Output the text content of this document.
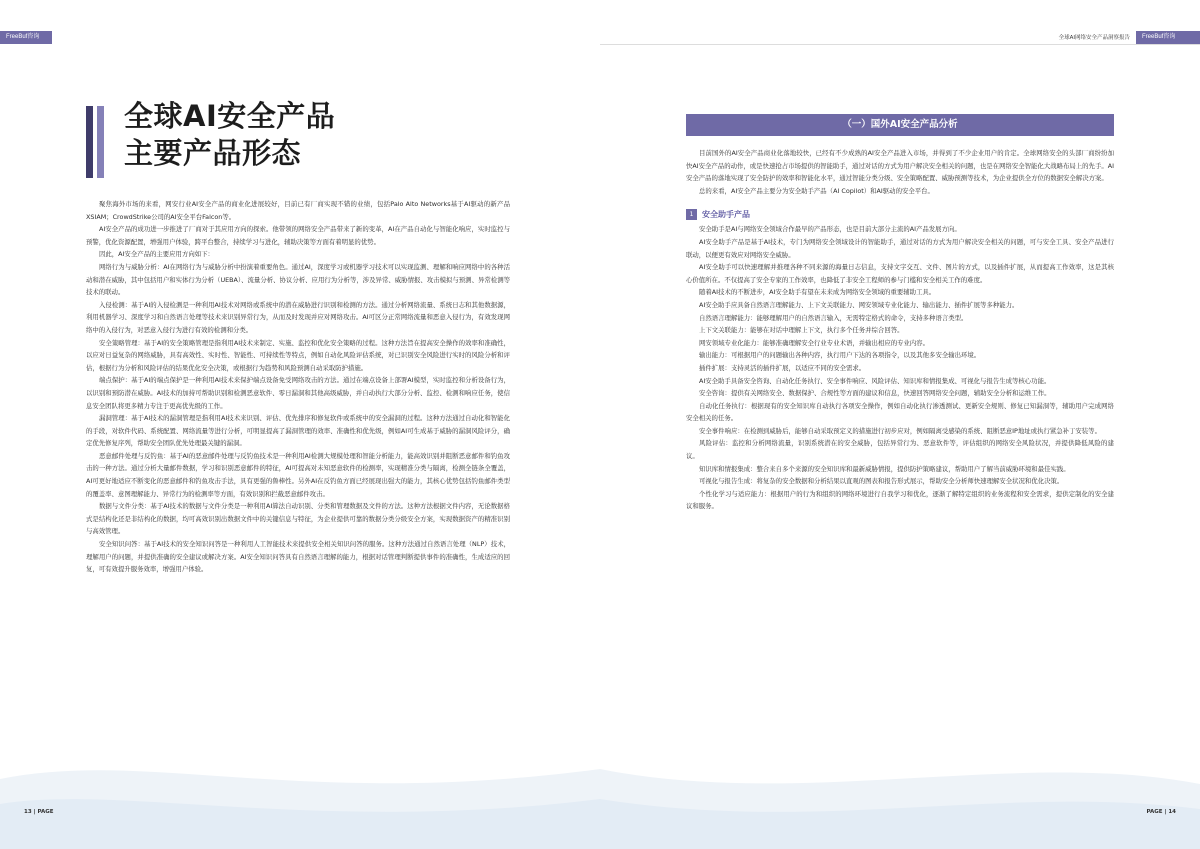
FreeBuf咨询
全球AI安全产品
主要产品形态

聚焦海外市场的来看，网安行业AI安全产品的商业化进展较好，目前已有厂商实现不错的业绩，包括Palo Alto Networks基于AI驱动的新产品XSIAM；CrowdStrike公司的AI安全平台Falcon等。

AI安全产品的成功进一步推进了厂商对于其应用方向的探索。他带领的网络安全产品带来了新的变革，AI在产品自动化与智能化响应，实时监控与预警，优化资源配置，增强用户体验，跨平台整合，持续学习与进化，辅助决策等方面有着明显的优势。

因此，AI安全产品的主要应用方向如下：

网络行为与威胁分析：AI在网络行为与威胁分析中扮演着重要角色。通过AI，深度学习或机器学习技术可以实现监测、理解和响应网络中的各种活动和潜在威胁，其中包括用户和实体行为分析（UEBA）、流量分析、协议分析、应用行为分析等，涉及异常、威胁情报、攻击模拟与预测、异常检测等技术的联动。

入侵检测：基于AI的入侵检测是一种利用AI技术对网络或系统中的潜在威胁进行识别和检测的方法。通过分析网络流量、系统日志和其他数据源，利用机器学习、深度学习和自然语言处理等技术来识别异常行为，从而及时发现并应对网络攻击。AI可区分正常网络流量和恶意入侵行为，有效发现网络中的入侵行为，对恶意入侵行为进行有效的检测和分类。

安全策略管理：基于AI的安全策略管理是指利用AI技术来制定、实施、监控和优化安全策略的过程。这种方法旨在提高安全操作的效率和准确性，以应对日益复杂的网络威胁，具有高效性、实时性、智能性、可持续性等特点，例如自动化风险评估系统，对已识别安全风险进行实时的风险分析和评估，根据行为分析和风险评估的结果优化安全决策，或根据行为趋势和风险预测自动采取防护措施。

端点保护：基于AI的端点保护是一种利用AI技术来保护端点设备免受网络攻击的方法。通过在端点设备上部署AI模型，实时监控和分析设备行为，以识别和预防潜在威胁。AI技术的加持可帮助识别和检测恶意软件、零日漏洞和其他高级威胁，并自动执行大部分分析、监控、检测和响应任务，使信息安全团队将更多精力专注于更高优先级的工作。

漏洞管理：基于AI技术的漏洞管理是指利用AI技术来识别、评估、优先排序和修复软件或系统中的安全漏洞的过程。这种方法通过自动化和智能化的手段，对软件代码、系统配置、网络流量等进行分析，可明显提高了漏洞管理的效率、准确性和优先级，例如AI可生成基于威胁的漏洞风险评分，确定优先修复序列，帮助安全团队优先处理最关键的漏洞。

恶意邮件处理与反钓鱼：基于AI的恶意邮件处理与反钓鱼技术是一种利用AI检测大规模处理和智能分析能力，能高效识别并阻断恶意邮件和钓鱼攻击的一种方法。通过分析大量邮件数据，学习和识别恶意邮件的特征，AI可提高对未知恶意软件的检测率，实现精准分类与隔离，检测全链条全覆盖，AI可更好地适应不断变化的恶意邮件和钓鱼攻击手法，具有更强的鲁棒性。另外AI在反钓鱼方面已经展现出强大的能力，其核心优势包括钓鱼邮件类型的覆盖率、意图理解能力、异常行为的检测率等方面，有效识别和拦截恶意邮件攻击。

数据与文件分类：基于AI技术的数据与文件分类是一种利用AI算法自动识别、分类和管理数据及文件的方法。这种方法根据文件内容，无论数据格式是结构化还是非结构化的数据，均可高效识别出数据文件中的关键信息与特征，为企业提供可靠的数据分类分级安全方案，实现数据资产的精准识别与高效管理。

安全知识问答：基于AI技术的安全知识问答是一种利用人工智能技术来提供安全相关知识问答的服务。这种方法通过自然语言处理（NLP）技术，理解用户的问题，并提供准确的安全建议或解决方案。AI安全知识问答具有自然语言理解的能力，根据对话管理判断提供事件的准确性，生成适应的回复，可有效提升服务效率，增强用户体验。

13 | PAGE
全球AI网络安全产品洞察报告	FreeBuf咨询
（一）国外AI安全产品分析

目前国外的AI安全产品商业化落地较快，已经有不少成熟的AI安全产品进入市场，并得到了不少企业用户的肯定。全球网络安全的头部厂商纷纷加快AI安全产品的动作，或是快速抢占市场提供的智能助手，通过对话的方式为用户解决安全相关的问题，也是在网络安全智能化大战略布局上的先手。AI安全产品的落地实现了安全防护的效率和智能化水平，通过智能分类分级、安全策略配置、威胁预测等技术，为企业提供全方位的数据安全解决方案。

总的来看，AI安全产品主要分为安全助手产品（AI Copilot）和AI驱动的安全平台。

1	安全助手产品

安全助手是AI与网络安全领域合作最早的产品形态，也是目前大部分主流的AI产品发展方向。

AI安全助手产品是基于AI技术，专门为网络安全领域设计的智能助手，通过对话的方式为用户解决安全相关的问题，可与安全工具、安全产品进行联动，以便更有效应对网络安全威胁。

AI安全助手可以快速理解并推理各种不同来源的海量日志信息，支持文字交互、文件、图片的方式，以及插件扩展，从而提高工作效率，这是其核心价值所在。不仅提高了安全专家的工作效率，也降低了非安全工程师的参与门槛和安全相关工作的难度。

随着AI技术的不断进步，AI安全助手有望在未来成为网络安全领域的重要辅助工具。

AI安全助手应具备自然语言理解能力、上下文关联能力、网安领域专业化能力、输出能力、插件扩展等多种能力。

自然语言理解能力：能够理解用户的自然语言输入，无需特定格式的命令，支持多种语言类型。

上下文关联能力：能够在对话中理解上下文，执行多个任务并综合回答。

网安领域专业化能力：能够准确理解安全行业专业术语，并输出相应的专业内容。

输出能力：可根据用户的问题输出各种内容，执行用户下达的各项指令，以及其他多安全输出环境。

插件扩展：支持灵活的插件扩展，以适应不同的安全需求。

AI安全助手具备安全咨询、自动化任务执行、安全事件响应、风险评估、知识库和情报集成、可视化与报告生成等核心功能。

安全咨询：提供有关网络安全、数据保护、合规性等方面的建议和信息，快速回答网络安全问题，辅助安全分析和运维工作。

自动化任务执行：根据现有的安全知识库自动执行各项安全操作，例如自动化执行渗透测试、更新安全规则、修复已知漏洞等，辅助用户完成网络安全相关的任务。

安全事件响应：在检测到威胁后，能够自动采取预定义的措施进行初步应对，例如隔离受感染的系统、阻断恶意IP地址或执行紧急补丁安装等。

风险评估：监控和分析网络流量，识别系统潜在的安全威胁，包括异常行为、恶意软件等，评估组织的网络安全风险状况，并提供降低风险的建议。

知识库和情报集成：整合来自多个来源的安全知识库和最新威胁情报，提供防护策略建议，帮助用户了解当前威胁环境和最佳实践。

可视化与报告生成：将复杂的安全数据和分析结果以直观的图表和报告形式展示，帮助安全分析师快速理解安全状况和优化决策。

个性化学习与适应能力：根据用户的行为和组织的网络环境进行自我学习和优化，逐渐了解特定组织的业务流程和安全需求，提供定制化的安全建议和服务。

PAGE | 14
